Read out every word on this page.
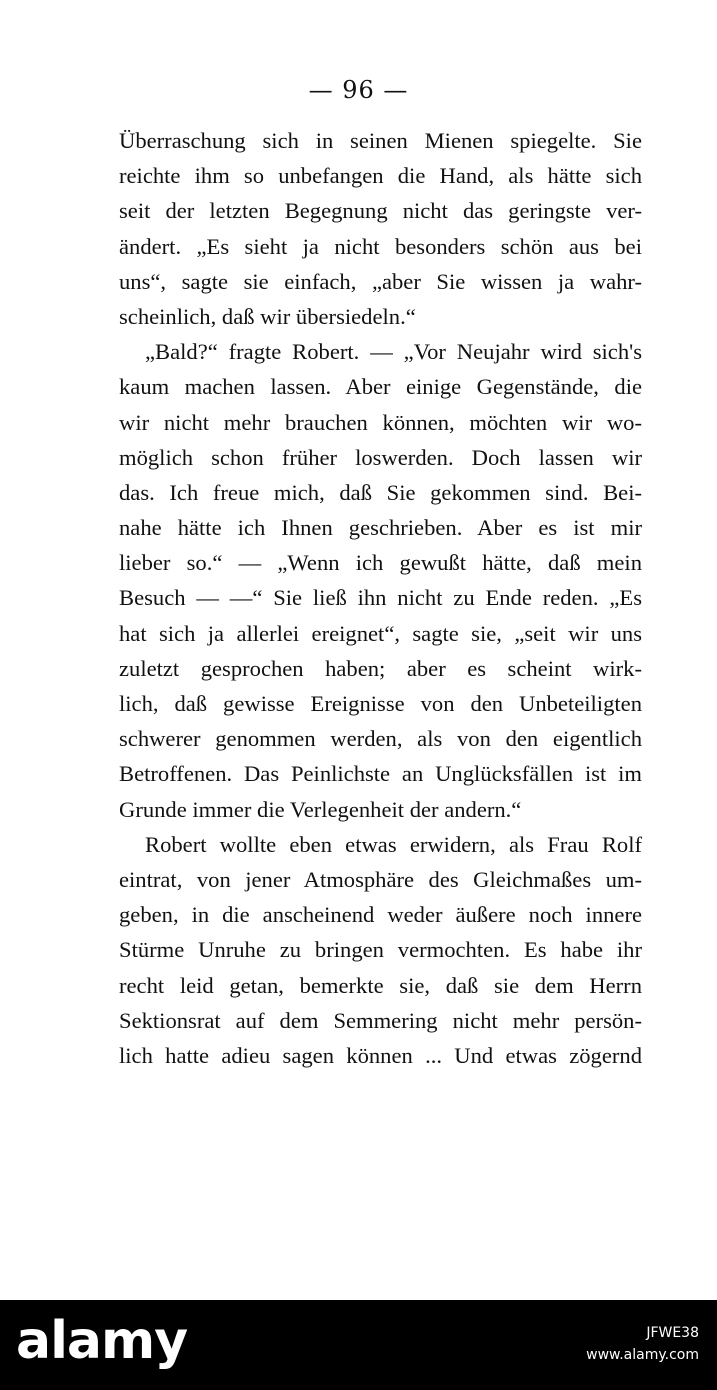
— 96 —
Überraschung sich in seinen Mienen spiegelte. Sie
reichte ihm so unbefangen die Hand, als hätte sich
seit der letzten Begegnung nicht das geringste ver-
ändert. „Es sieht ja nicht besonders schön aus bei
uns“, sagte sie einfach, „aber Sie wissen ja wahr-
scheinlich, daß wir übersiedeln.“
„Bald?“ fragte Robert. — „Vor Neujahr wird sich's
kaum machen lassen. Aber einige Gegenstände, die
wir nicht mehr brauchen können, möchten wir wo-
möglich schon früher loswerden. Doch lassen wir
das. Ich freue mich, daß Sie gekommen sind. Bei-
nahe hätte ich Ihnen geschrieben. Aber es ist mir
lieber so.“ — „Wenn ich gewußt hätte, daß mein
Besuch — —“ Sie ließ ihn nicht zu Ende reden. „Es
hat sich ja allerlei ereignet“, sagte sie, „seit wir uns
zuletzt gesprochen haben; aber es scheint wirk-
lich, daß gewisse Ereignisse von den Unbeteiligten
schwerer genommen werden, als von den eigentlich
Betroffenen. Das Peinlichste an Unglücksfällen ist im
Grunde immer die Verlegenheit der andern.“
Robert wollte eben etwas erwidern, als Frau Rolf
eintrat, von jener Atmosphäre des Gleichmaßes um-
geben, in die anscheinend weder äußere noch innere
Stürme Unruhe zu bringen vermochten. Es habe ihr
recht leid getan, bemerkte sie, daß sie dem Herrn
Sektionsrat auf dem Semmering nicht mehr persön-
lich hatte adieu sagen können ... Und etwas zögernd
alamy	JFWE38
www.alamy.com
